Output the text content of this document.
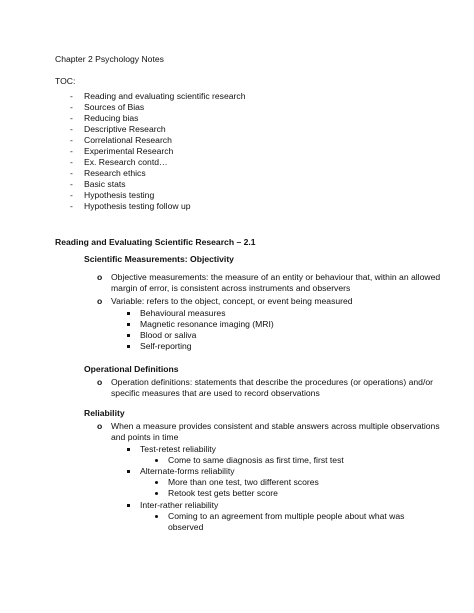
Chapter 2 Psychology Notes
TOC:
- Reading and evaluating scientific research
- Sources of Bias
- Reducing bias
- Descriptive Research
- Correlational Research
- Experimental Research
- Ex. Research contd…
- Research ethics
- Basic stats
- Hypothesis testing
- Hypothesis testing follow up
Reading and Evaluating Scientific Research – 2.1
Scientific Measurements: Objectivity
o Objective measurements: the measure of an entity or behaviour that, within an allowed
margin of error, is consistent across instruments and observers
o Variable: refers to the object, concept, or event being measured
Behavioural measures
Magnetic resonance imaging (MRI)
Blood or saliva
Self-reporting
Operational Definitions
o Operation definitions: statements that describe the procedures (or operations) and/or
specific measures that are used to record observations
Reliability
o When a measure provides consistent and stable answers across multiple observations
and points in time
Test-retest reliability
Come to same diagnosis as first time, first test
Alternate-forms reliability
More than one test, two different scores
Retook test gets better score
Inter-rather reliability
Coming to an agreement from multiple people about what was
observed
